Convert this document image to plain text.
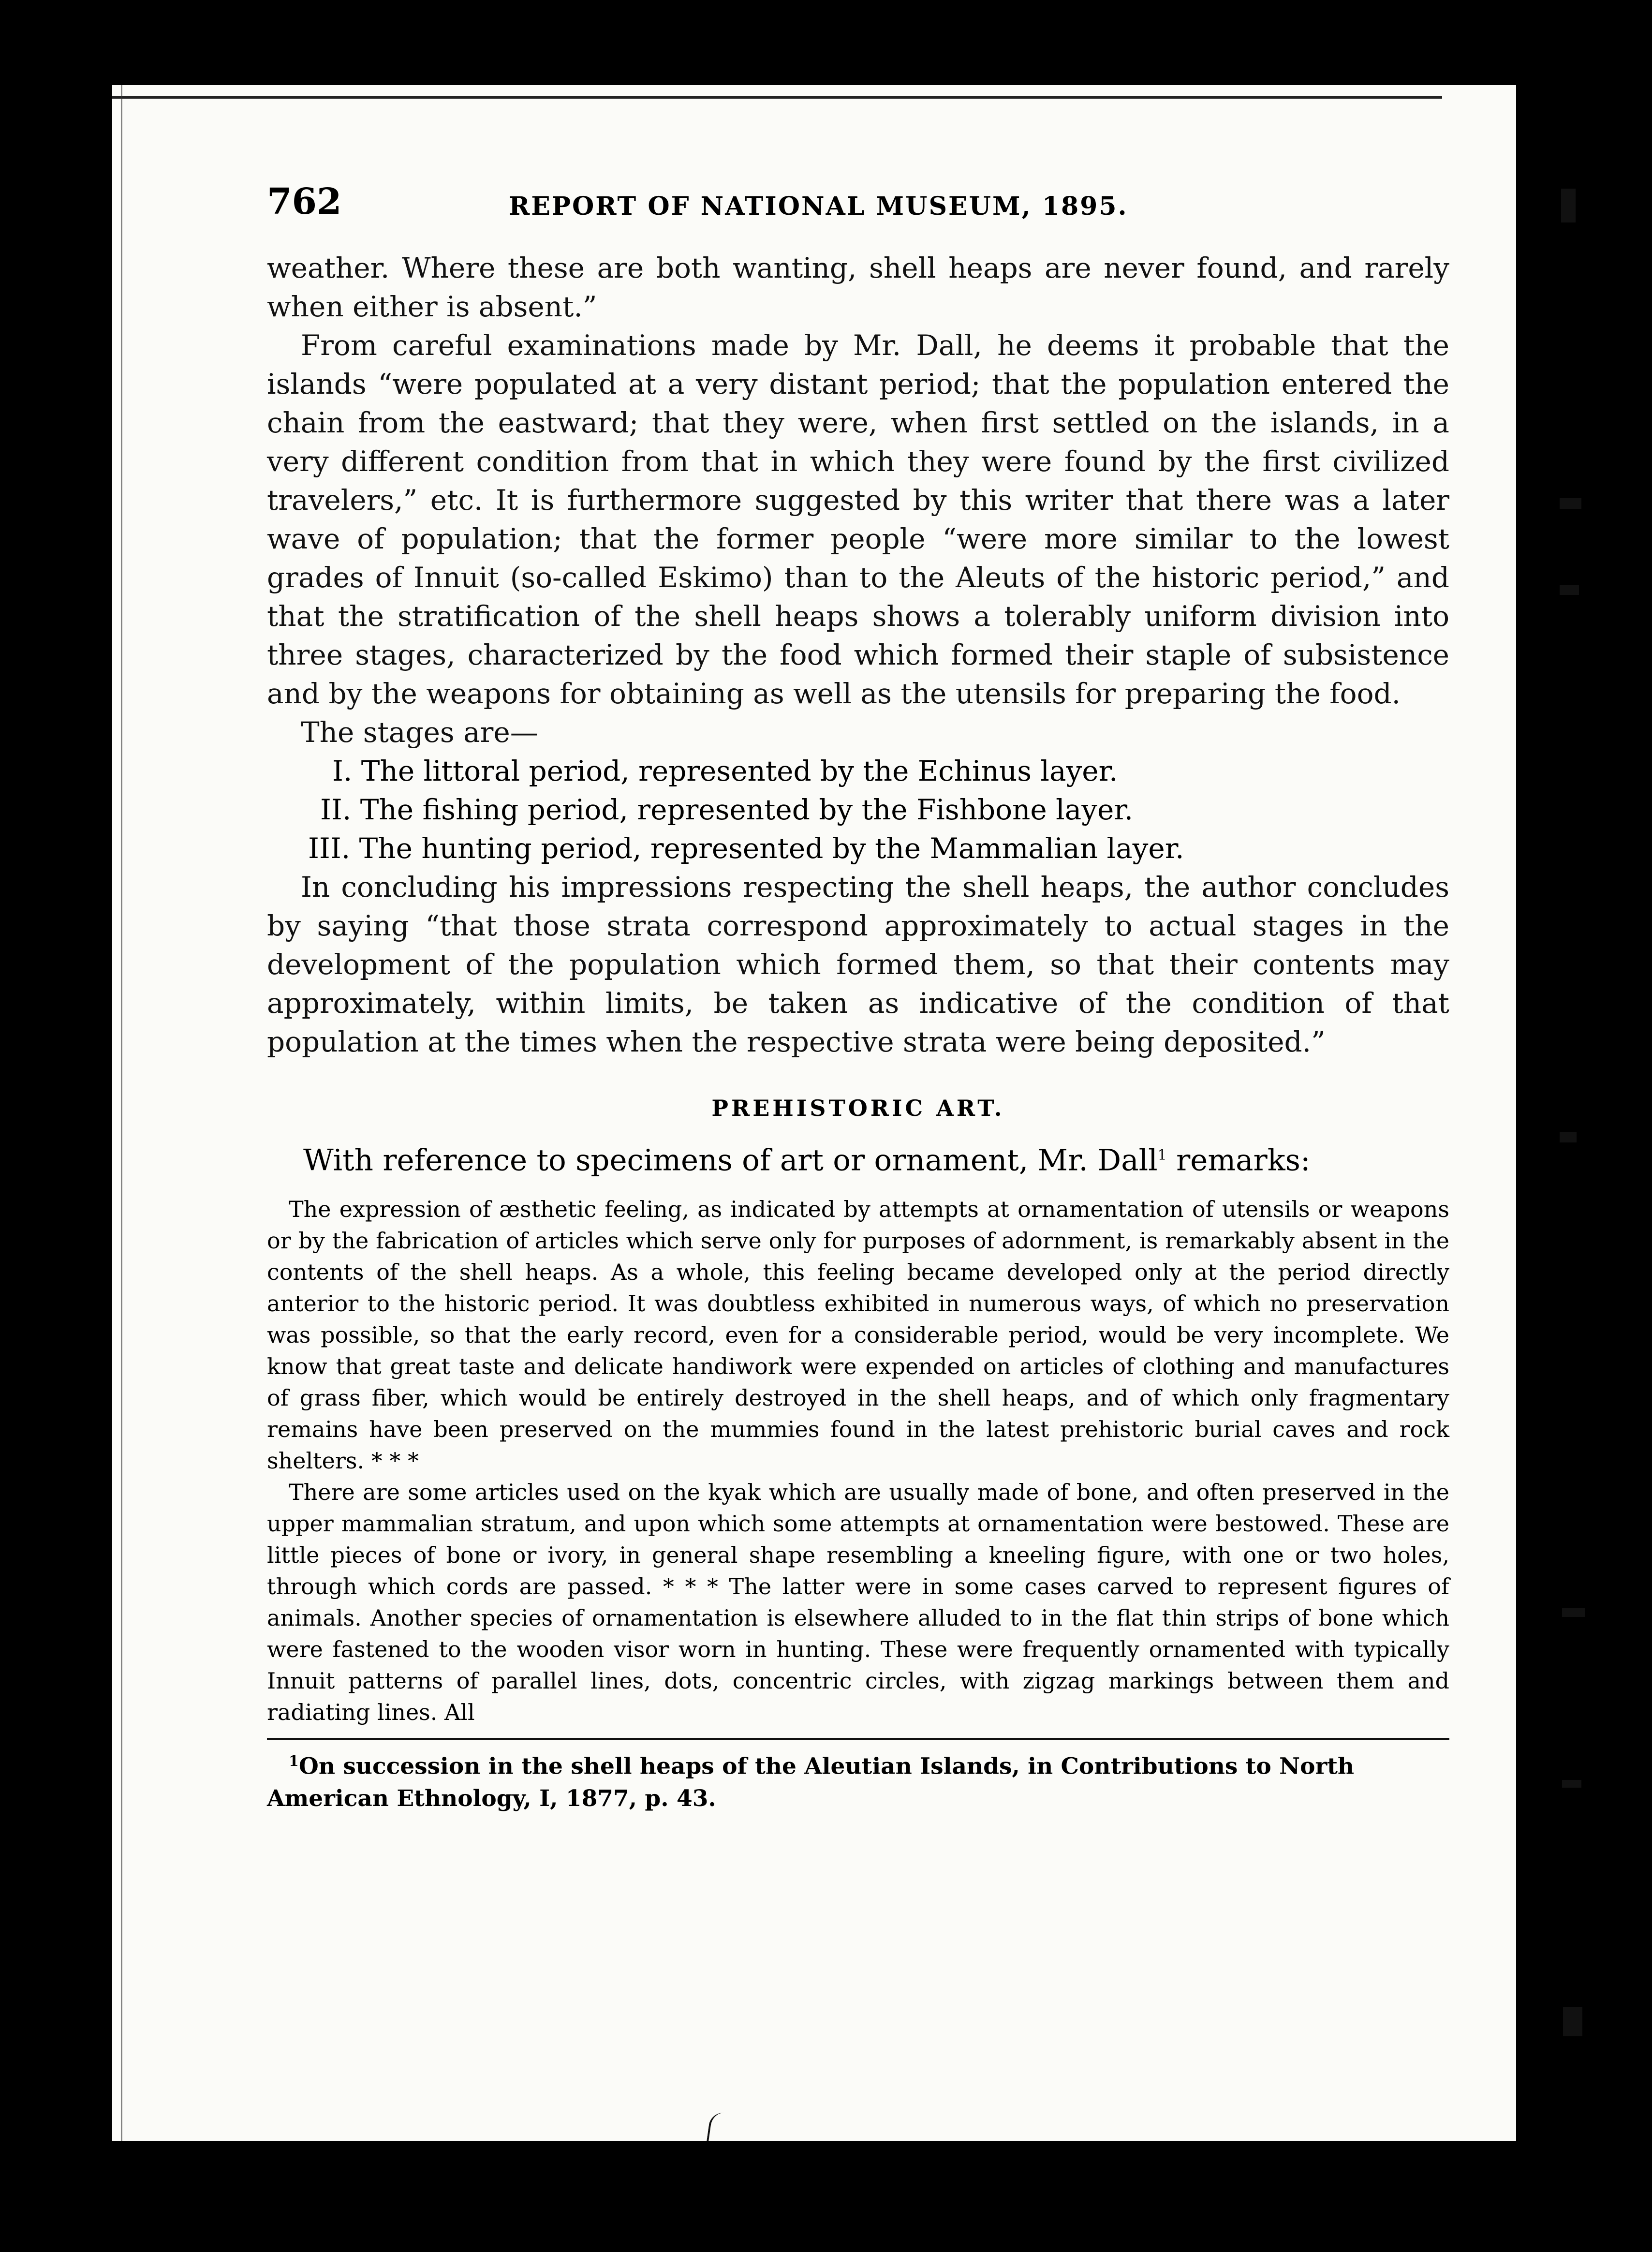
762	REPORT OF NATIONAL MUSEUM, 1895.

weather. Where these are both wanting, shell heaps are never found, and rarely when either is absent.”

From careful examinations made by Mr. Dall, he deems it probable that the islands “were populated at a very distant period; that the population entered the chain from the eastward; that they were, when first settled on the islands, in a very different condition from that in which they were found by the first civilized travelers,” etc. It is furthermore suggested by this writer that there was a later wave of population; that the former people “were more similar to the lowest grades of Innuit (so-called Eskimo) than to the Aleuts of the historic period,” and that the stratification of the shell heaps shows a tolerably uniform division into three stages, characterized by the food which formed their staple of subsistence and by the weapons for obtaining as well as the utensils for preparing the food.

The stages are—

I. The littoral period, represented by the Echinus layer.

II. The fishing period, represented by the Fishbone layer.

III. The hunting period, represented by the Mammalian layer.

In concluding his impressions respecting the shell heaps, the author concludes by saying “that those strata correspond approximately to actual stages in the development of the population which formed them, so that their contents may approximately, within limits, be taken as indicative of the condition of that population at the times when the respective strata were being deposited.”

PREHISTORIC ART.

With reference to specimens of art or ornament, Mr. Dall$^1$ remarks:

The expression of æsthetic feeling, as indicated by attempts at ornamentation of utensils or weapons or by the fabrication of articles which serve only for purposes of adornment, is remarkably absent in the contents of the shell heaps. As a whole, this feeling became developed only at the period directly anterior to the historic period. It was doubtless exhibited in numerous ways, of which no preservation was possible, so that the early record, even for a considerable period, would be very incomplete. We know that great taste and delicate handiwork were expended on articles of clothing and manufactures of grass fiber, which would be entirely destroyed in the shell heaps, and of which only fragmentary remains have been preserved on the mummies found in the latest prehistoric burial caves and rock shelters. * * *

There are some articles used on the kyak which are usually made of bone, and often preserved in the upper mammalian stratum, and upon which some attempts at ornamentation were bestowed. These are little pieces of bone or ivory, in general shape resembling a kneeling figure, with one or two holes, through which cords are passed. * * * The latter were in some cases carved to represent figures of animals. Another species of ornamentation is elsewhere alluded to in the flat thin strips of bone which were fastened to the wooden visor worn in hunting. These were frequently ornamented with typically Innuit patterns of parallel lines, dots, concentric circles, with zigzag markings between them and radiating lines. All

$^1$On succession in the shell heaps of the Aleutian Islands, in Contributions to North American Ethnology, I, 1877, p. 43.
